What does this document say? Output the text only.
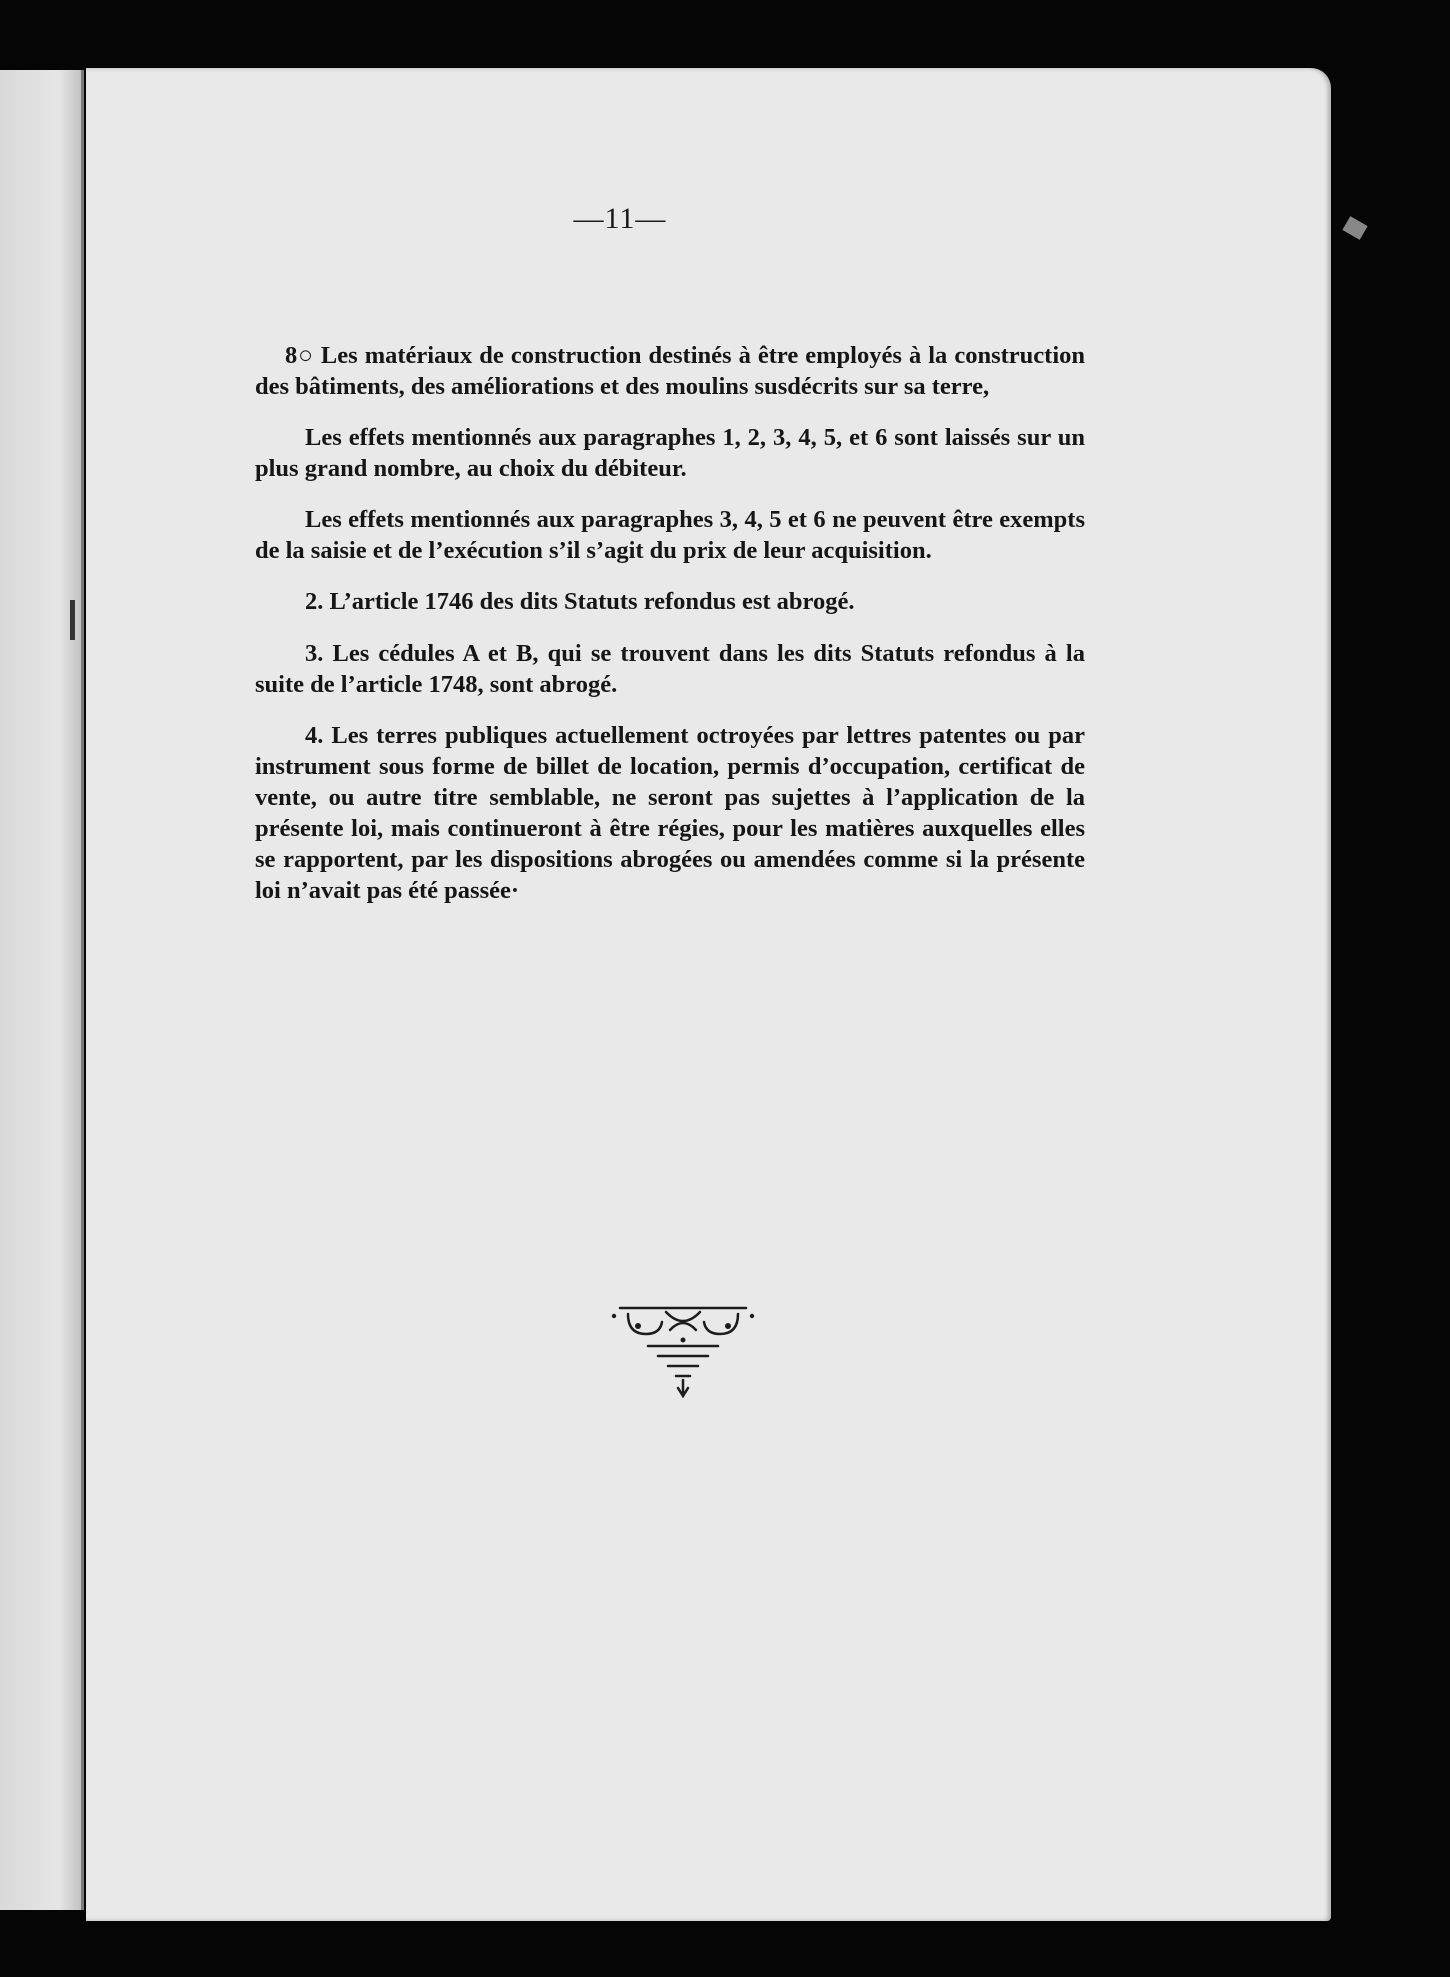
—11—

8○ Les matériaux de construction destinés à être employés à la construction des bâtiments, des améliorations et des moulins susdécrits sur sa terre,

Les effets mentionnés aux paragraphes 1, 2, 3, 4, 5, et 6 sont laissés sur un plus grand nombre, au choix du débiteur.

Les effets mentionnés aux paragraphes 3, 4, 5 et 6 ne peuvent être exempts de la saisie et de l’exécution s’il s’agit du prix de leur acquisition.

2. L’article 1746 des dits Statuts refondus est abrogé.

3. Les cédules A et B, qui se trouvent dans les dits Statuts refondus à la suite de l’article 1748, sont abrogé.

4. Les terres publiques actuellement octroyées par lettres patentes ou par instrument sous forme de billet de location, permis d’occupation, certificat de vente, ou autre titre semblable, ne seront pas sujettes à l’application de la présente loi, mais continueront à être régies, pour les matières auxquelles elles se rapportent, par les dispositions abrogées ou amendées comme si la présente loi n’avait pas été passée·
